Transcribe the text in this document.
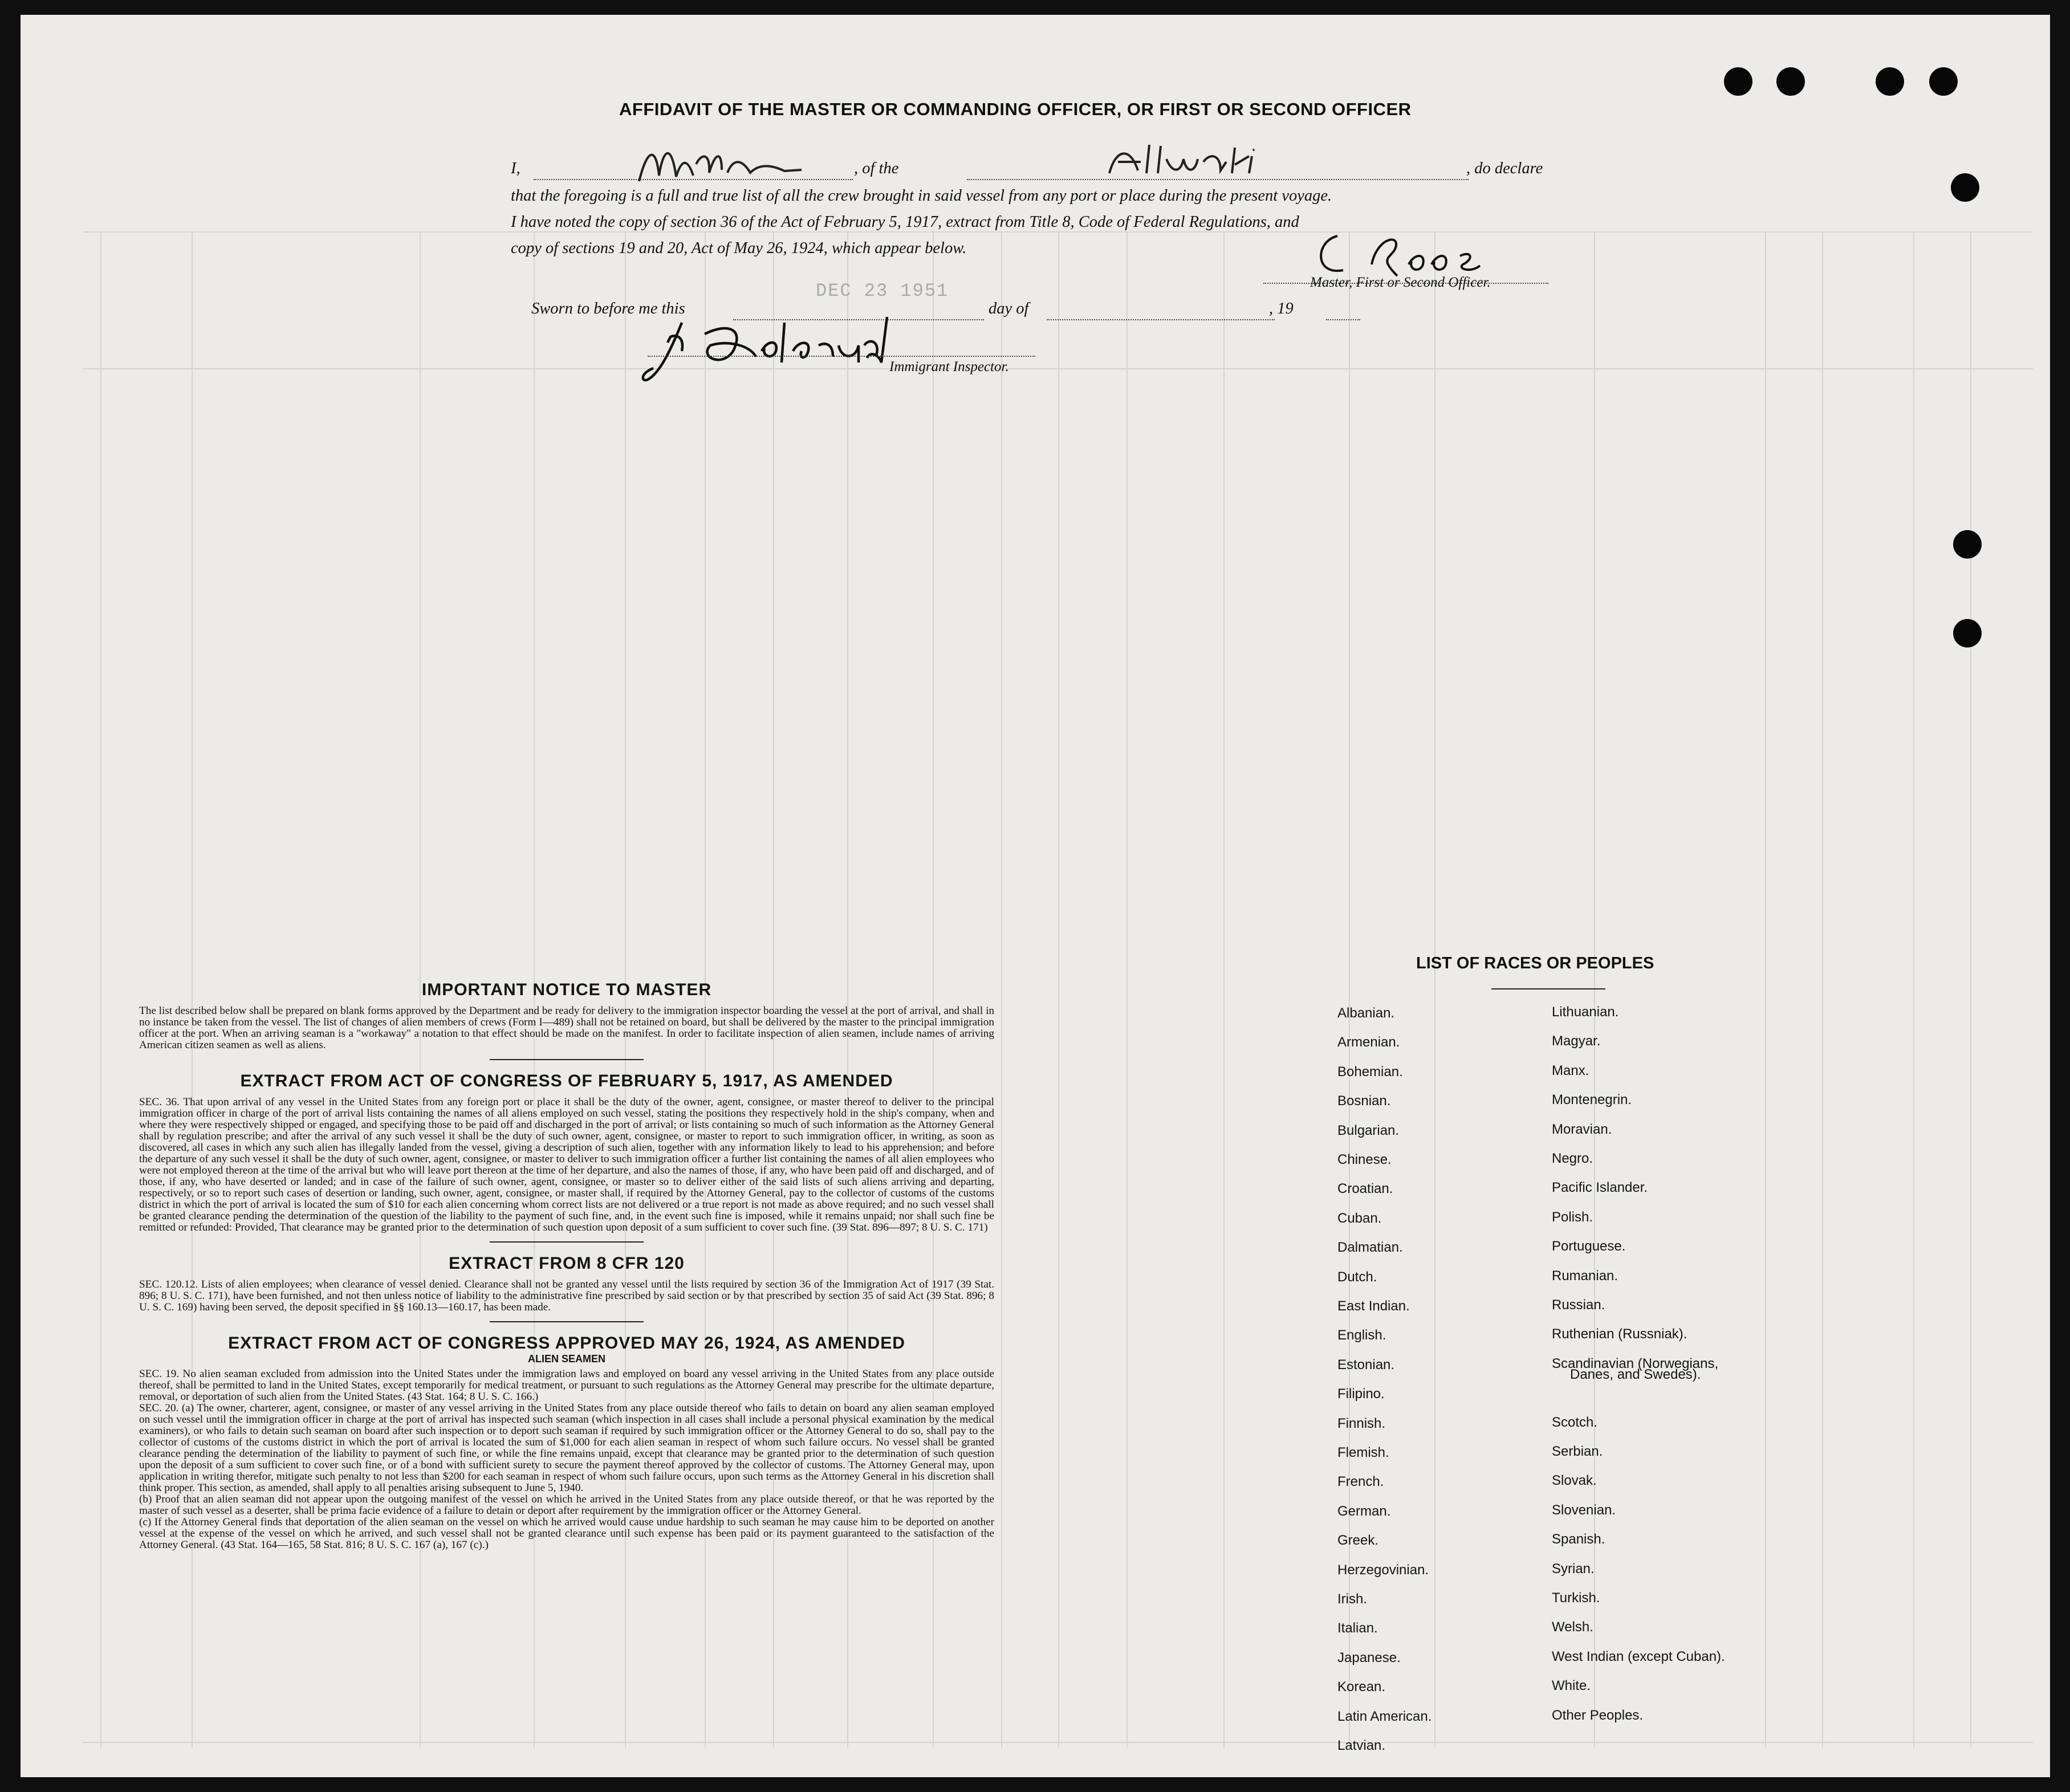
DEC 23 1951
AFFIDAVIT OF THE MASTER OR COMMANDING OFFICER, OR FIRST OR SECOND OFFICER
I,	, of the	, do declare
that the foregoing is a full and true list of all the crew brought in said vessel from any port or place during the present voyage.
I have noted the copy of section 36 of the Act of February 5, 1917, extract from Title 8, Code of Federal Regulations, and
copy of sections 19 and 20, Act of May 26, 1924, which appear below.
Master, First or Second Officer.
Sworn to before me this	day of	, 19
Immigrant Inspector.
IMPORTANT NOTICE TO MASTER
The list described below shall be prepared on blank forms approved by the Department and be ready for delivery to the immigration inspector boarding the vessel at the port of arrival, and shall in no instance be taken from the vessel. The list of changes of alien members of crews (Form I—489) shall not be retained on board, but shall be delivered by the master to the principal immigration officer at the port. When an arriving seaman is a "workaway" a notation to that effect should be made on the manifest. In order to facilitate inspection of alien seamen, include names of arriving American citizen seamen as well as aliens.
EXTRACT FROM ACT OF CONGRESS OF FEBRUARY 5, 1917, AS AMENDED
SEC. 36. That upon arrival of any vessel in the United States from any foreign port or place it shall be the duty of the owner, agent, consignee, or master thereof to deliver to the principal immigration officer in charge of the port of arrival lists containing the names of all aliens employed on such vessel, stating the positions they respectively hold in the ship's company, when and where they were respectively shipped or engaged, and specifying those to be paid off and discharged in the port of arrival; or lists containing so much of such information as the Attorney General shall by regulation prescribe; and after the arrival of any such vessel it shall be the duty of such owner, agent, consignee, or master to report to such immigration officer, in writing, as soon as discovered, all cases in which any such alien has illegally landed from the vessel, giving a description of such alien, together with any information likely to lead to his apprehension; and before the departure of any such vessel it shall be the duty of such owner, agent, consignee, or master to deliver to such immigration officer a further list containing the names of all alien employees who were not employed thereon at the time of the arrival but who will leave port thereon at the time of her departure, and also the names of those, if any, who have been paid off and discharged, and of those, if any, who have deserted or landed; and in case of the failure of such owner, agent, consignee, or master so to deliver either of the said lists of such aliens arriving and departing, respectively, or so to report such cases of desertion or landing, such owner, agent, consignee, or master shall, if required by the Attorney General, pay to the collector of customs of the customs district in which the port of arrival is located the sum of $10 for each alien concerning whom correct lists are not delivered or a true report is not made as above required; and no such vessel shall be granted clearance pending the determination of the question of the liability to the payment of such fine, and, in the event such fine is imposed, while it remains unpaid; nor shall such fine be remitted or refunded: Provided, That clearance may be granted prior to the determination of such question upon deposit of a sum sufficient to cover such fine. (39 Stat. 896—897; 8 U. S. C. 171)
EXTRACT FROM 8 CFR 120
SEC. 120.12. Lists of alien employees; when clearance of vessel denied. Clearance shall not be granted any vessel until the lists required by section 36 of the Immigration Act of 1917 (39 Stat. 896; 8 U. S. C. 171), have been furnished, and not then unless notice of liability to the administrative fine prescribed by said section or by that prescribed by section 35 of said Act (39 Stat. 896; 8 U. S. C. 169) having been served, the deposit specified in §§ 160.13—160.17, has been made.
EXTRACT FROM ACT OF CONGRESS APPROVED MAY 26, 1924, AS AMENDED
ALIEN SEAMEN
SEC. 19. No alien seaman excluded from admission into the United States under the immigration laws and employed on board any vessel arriving in the United States from any place outside thereof, shall be permitted to land in the United States, except temporarily for medical treatment, or pursuant to such regulations as the Attorney General may prescribe for the ultimate departure, removal, or deportation of such alien from the United States. (43 Stat. 164; 8 U. S. C. 166.)
SEC. 20. (a) The owner, charterer, agent, consignee, or master of any vessel arriving in the United States from any place outside thereof who fails to detain on board any alien seaman employed on such vessel until the immigration officer in charge at the port of arrival has inspected such seaman (which inspection in all cases shall include a personal physical examination by the medical examiners), or who fails to detain such seaman on board after such inspection or to deport such seaman if required by such immigration officer or the Attorney General to do so, shall pay to the collector of customs of the customs district in which the port of arrival is located the sum of $1,000 for each alien seaman in respect of whom such failure occurs. No vessel shall be granted clearance pending the determination of the liability to payment of such fine, or while the fine remains unpaid, except that clearance may be granted prior to the determination of such question upon the deposit of a sum sufficient to cover such fine, or of a bond with sufficient surety to secure the payment thereof approved by the collector of customs. The Attorney General may, upon application in writing therefor, mitigate such penalty to not less than $200 for each seaman in respect of whom such failure occurs, upon such terms as the Attorney General in his discretion shall think proper. This section, as amended, shall apply to all penalties arising subsequent to June 5, 1940.
(b) Proof that an alien seaman did not appear upon the outgoing manifest of the vessel on which he arrived in the United States from any place outside thereof, or that he was reported by the master of such vessel as a deserter, shall be prima facie evidence of a failure to detain or deport after requirement by the immigration officer or the Attorney General.
(c) If the Attorney General finds that deportation of the alien seaman on the vessel on which he arrived would cause undue hardship to such seaman he may cause him to be deported on another vessel at the expense of the vessel on which he arrived, and such vessel shall not be granted clearance until such expense has been paid or its payment guaranteed to the satisfaction of the Attorney General. (43 Stat. 164—165, 58 Stat. 816; 8 U. S. C. 167 (a), 167 (c).)
LIST OF RACES OR PEOPLES
Albanian.
Armenian.
Bohemian.
Bosnian.
Bulgarian.
Chinese.
Croatian.
Cuban.
Dalmatian.
Dutch.
East Indian.
English.
Estonian.
Filipino.
Finnish.
Flemish.
French.
German.
Greek.
Herzegovinian.
Irish.
Italian.
Japanese.
Korean.
Latin American.
Latvian.
Lithuanian.
Magyar.
Manx.
Montenegrin.
Moravian.
Negro.
Pacific Islander.
Polish.
Portuguese.
Rumanian.
Russian.
Ruthenian (Russniak).
Scandinavian (Norwegians,
Danes, and Swedes).
Scotch.
Serbian.
Slovak.
Slovenian.
Spanish.
Syrian.
Turkish.
Welsh.
West Indian (except Cuban).
White.
Other Peoples.
